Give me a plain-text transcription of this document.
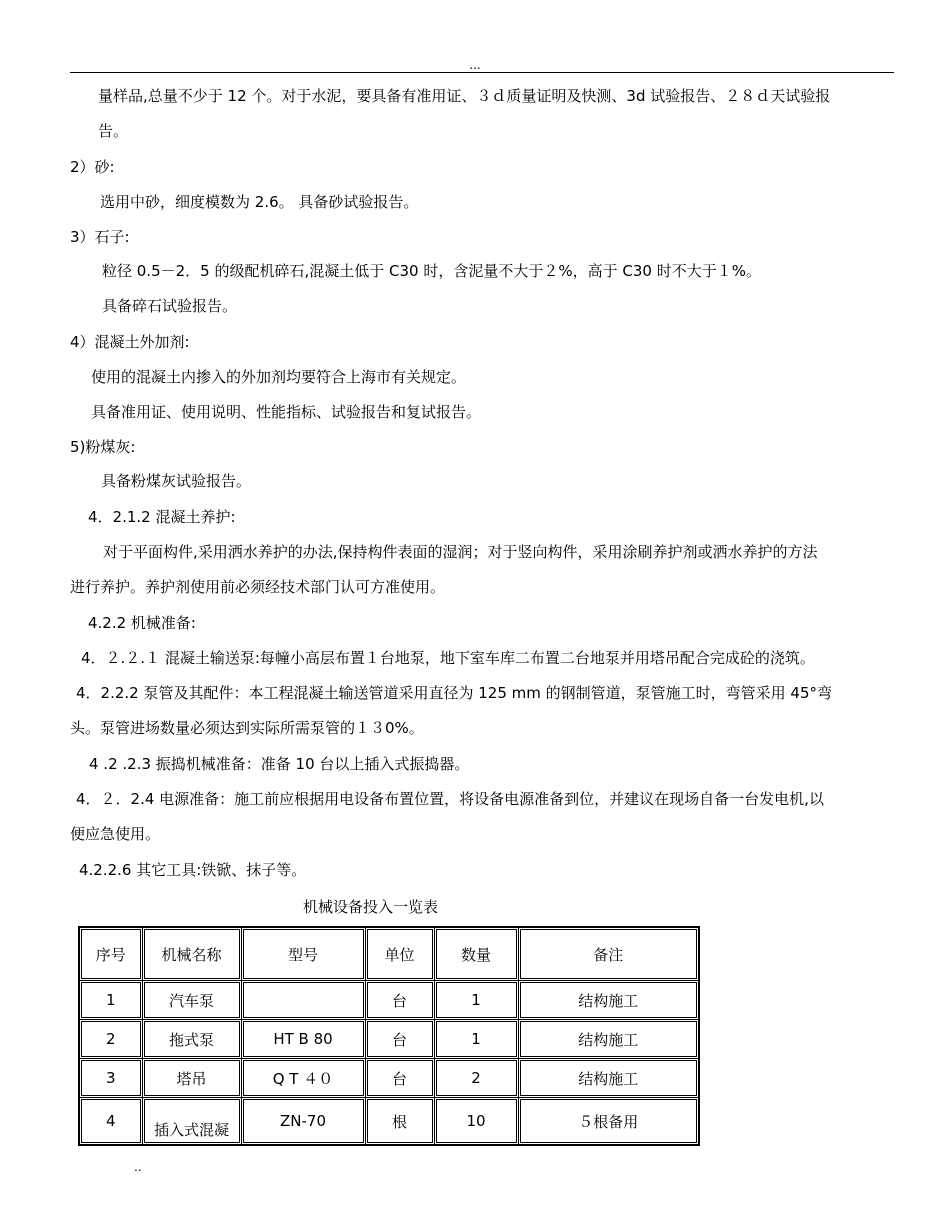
...
量样品,总量不少于 12 个。对于水泥，要具备有准用证、３ｄ质量证明及快测、3d 试验报告、２８ｄ天试验报
告。
2）砂:
选用中砂，细度模数为 2.6。 具备砂试验报告。
3）石子:
粒径 0.5－2．5 的级配机碎石,混凝土低于 C30 时，含泥量不大于２%，高于 C30 时不大于１%。
具备碎石试验报告。
4）混凝土外加剂:
使用的混凝土内掺入的外加剂均要符合上海市有关规定。
具备准用证、使用说明、性能指标、试验报告和复试报告。
5)粉煤灰:
具备粉煤灰试验报告。
4．2.1.2 混凝土养护:
对于平面构件,采用洒水养护的办法,保持构件表面的湿润；对于竖向构件，采用涂刷养护剂或洒水养护的方法
进行养护。养护剂使用前必须经技术部门认可方准使用。
4.2.2 机械准备:
4．２.２.１ 混凝土输送泵:每幢小高层布置１台地泵，地下室车库二布置二台地泵并用塔吊配合完成砼的浇筑。
4．2.2.2 泵管及其配件：本工程混凝土输送管道采用直径为 125 mm 的钢制管道，泵管施工时，弯管采用 45°弯
头。泵管进场数量必须达到实际所需泵管的１３0%。
4 .2 .2.3 振捣机械准备：准备 10 台以上插入式振捣器。
4．２．2.4 电源准备：施工前应根据用电设备布置位置，将设备电源准备到位，并建议在现场自备一台发电机,以
便应急使用。
4.2.2.6 其它工具:铁锨、抹子等。
机械设备投入一览表
序号	机械名称	型号	单位	数量	备注
1	汽车泵		台	1	结构施工
2	拖式泵	HT B 80	台	1	结构施工
3	塔吊	Q T ４０	台	2	结构施工
4	插入式混凝	ZN-70	根	10	５根备用
..
